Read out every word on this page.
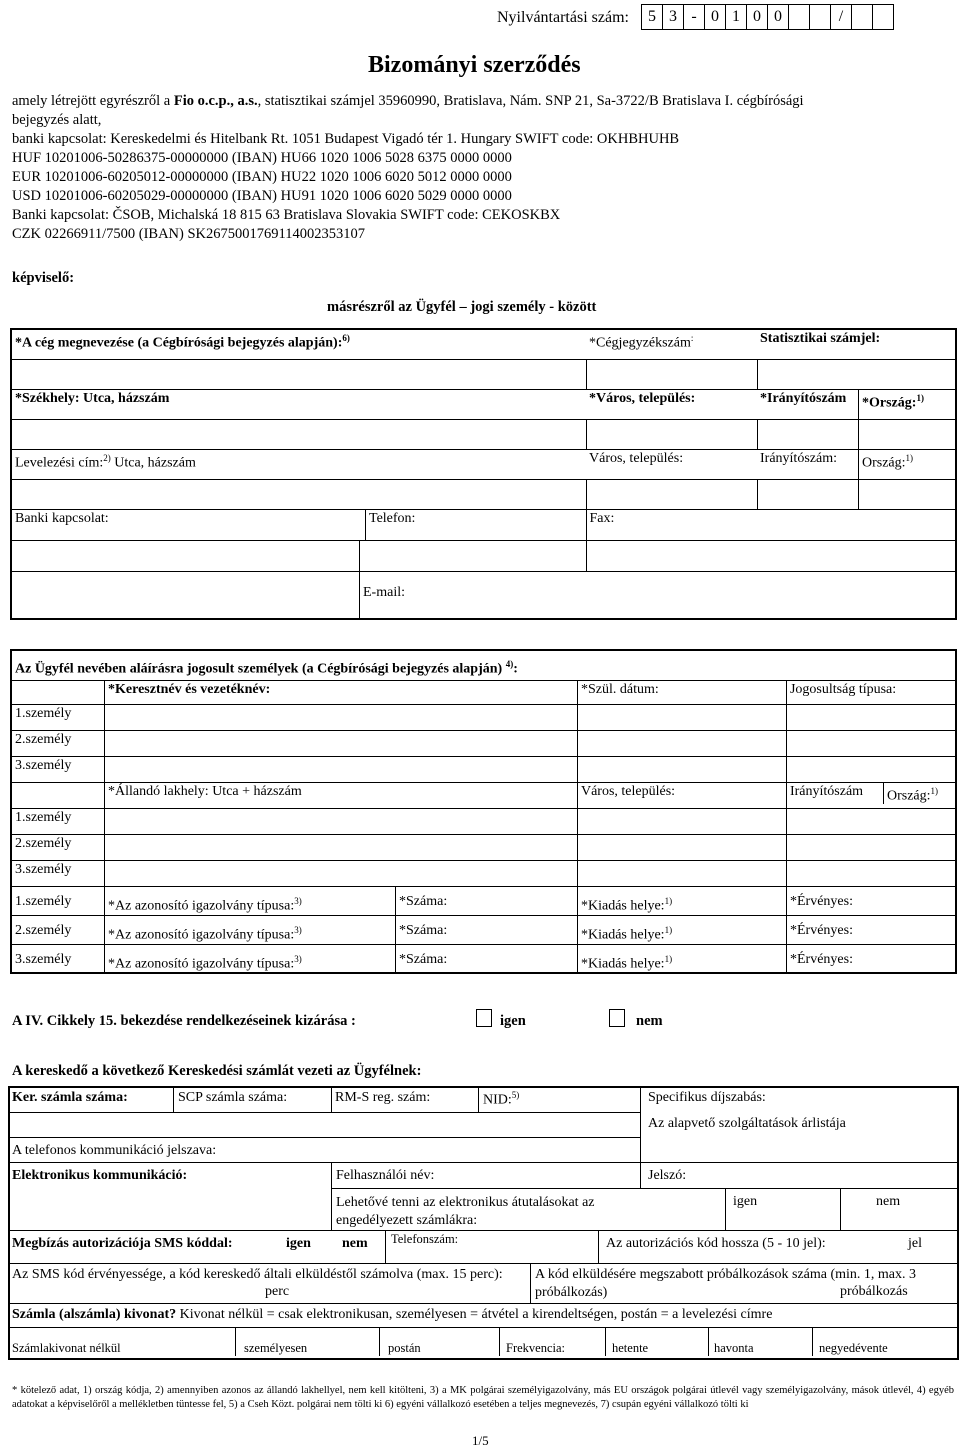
Nyilvántartási szám: 5	3	-	0	1	0	0			/		
Bizományi szerződés
amely létrejött egyrészről a Fio o.c.p., a.s., statisztikai számjel 35960990, Bratislava, Nám. SNP 21, Sa-3722/B Bratislava I. cégbírósági
bejegyzés alatt,
banki kapcsolat: Kereskedelmi és Hitelbank Rt. 1051 Budapest Vigadó tér 1. Hungary SWIFT code: OKHBHUHB
HUF 10201006-50286375-00000000 (IBAN) HU66 1020 1006 5028 6375 0000 0000
EUR 10201006-60205012-00000000 (IBAN) HU22 1020 1006 6020 5012 0000 0000
USD 10201006-60205029-00000000 (IBAN) HU91 1020 1006 6020 5029 0000 0000
Banki kapcsolat: ČSOB, Michalská 18 815 63 Bratislava Slovakia SWIFT code: CEKOSKBX
CZK 02266911/7500 (IBAN) SK2675001769114002353107
képviselő:
másrészről az Ügyfél – jogi személy - között
*A cég megnevezése (a Cégbírósági bejegyzés alapján):$^{6)}$	*Cégjegyzékszám:	Statisztikai számjel:	

*Székhely: Utca, házszám	*Város, település:	*Irányítószám	*Ország:$^{1)}$

Levelezési cím:$^{2)}$ Utca, házszám	Város, település:	Irányítószám:	Ország:$^{1)}$

Banki kapcsolat: Telefon:	Fax:		

E-mail:			

Az Ügyfél nevében aláírásra jogosult személyek (a Cégbírósági bejegyzés alapján) $^{4)}$:				
	*Keresztnév és vezetéknév:		*Szül. dátum:	Jogosultság típusa:
1.személy				
2.személy				
3.személy				
	*Állandó lakhely: Utca + házszám		Város, település:	Irányítószám Ország:$^{1)}$

1.személy				
2.személy				
3.személy				
1.személy	*Az azonosító igazolvány típusa:$^{3)}$	*Száma:	*Kiadás helye:$^{1)}$	*Érvényes:
2.személy	*Az azonosító igazolvány típusa:$^{3)}$	*Száma:	*Kiadás helye:$^{1)}$	*Érvényes:
3.személy	*Az azonosító igazolvány típusa:$^{3)}$	*Száma:	*Kiadás helye:$^{1)}$	*Érvényes:
A IV. Cikkely 15. bekezdése rendelkezéseinek kizárása :	igen	nem
A kereskedő a következő Kereskedési számlát vezeti az Ügyfélnek:
Ker. számla száma:	SCP számla száma:	RM-S reg. szám:	NID:$^{5)}$	Specifikus díjszabás:
Az alapvető szolgáltatások árlistája
A telefonos kommunikáció jelszava:
Elektronikus kommunikáció:	Felhasználói név:	Jelszó:
Lehetővé tenni az elektronikus átutalásokat az engedélyezett számlákra:
igen	nem
Megbízás autorizációja SMS kóddal:	igen nem Telefonszám:	Az autorizációs kód hossza (5 - 10 jel):	jel
Az SMS kód érvényessége, a kód kereskedő általi elküldéstől számolva (max. 15 perc):
perc
A kód elküldésére megszabott próbálkozások száma (min. 1, max. 3 próbálkozás)	próbálkozás
Számla (alszámla) kivonat? Kivonat nélkül = csak elektronikusan, személyesen = átvétel a kirendeltségen, postán = a levelezési címre
Számlakivonat nélkül	személyesen	postán	Frekvencia:	hetente	havonta	negyedévente
* kötelező adat, 1) ország kódja, 2) amennyiben azonos az állandó lakhellyel, nem kell kitölteni, 3) a MK polgárai személyigazolvány, más EU országok polgárai útlevél vagy személyigazolvány, mások útlevél, 4) egyéb adatokat a képviselőről a mellékletben tüntesse fel, 5) a Cseh Közt. polgárai nem tölti ki 6) egyéni vállalkozó esetében a teljes megnevezés, 7) csupán egyéni vállalkozó tölti ki
1/5
